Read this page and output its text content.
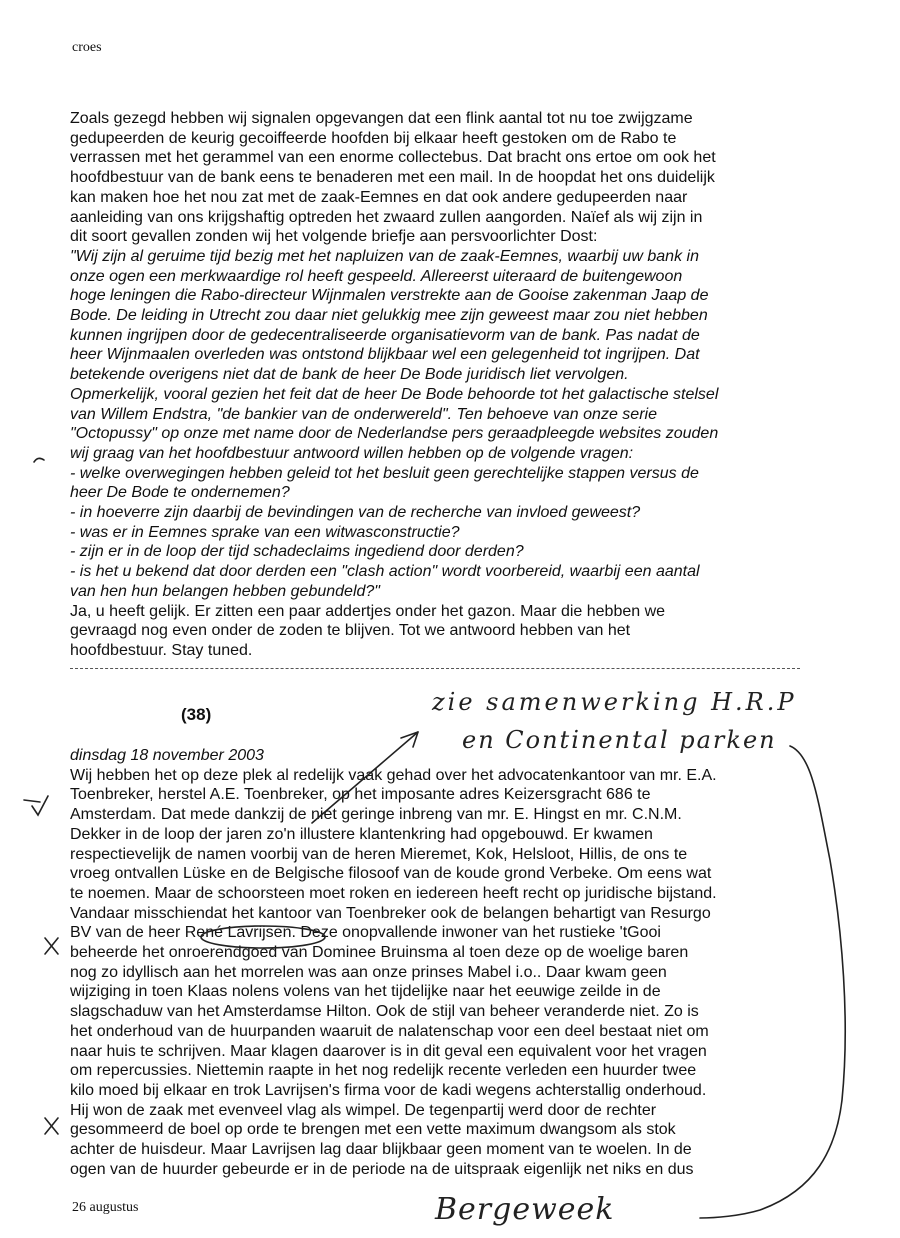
croes
Zoals gezegd hebben wij signalen opgevangen dat een flink aantal tot nu toe zwijgzame
gedupeerden de keurig gecoiffeerde hoofden bij elkaar heeft gestoken om de Rabo te
verrassen met het gerammel van een enorme collectebus. Dat bracht ons ertoe om ook het
hoofdbestuur van de bank eens te benaderen met een mail. In de hoopdat het ons duidelijk
kan maken hoe het nou zat met de zaak-Eemnes en dat ook andere gedupeerden naar
aanleiding van ons krijgshaftig optreden het zwaard zullen aangorden. Naïef als wij zijn in
dit soort gevallen zonden wij het volgende briefje aan persvoorlichter Dost:
"Wij zijn al geruime tijd bezig met het napluizen van de zaak-Eemnes, waarbij uw bank in
onze ogen een merkwaardige rol heeft gespeeld. Allereerst uiteraard de buitengewoon
hoge leningen die Rabo-directeur Wijnmalen verstrekte aan de Gooise zakenman Jaap de
Bode. De leiding in Utrecht zou daar niet gelukkig mee zijn geweest maar zou niet hebben
kunnen ingrijpen door de gedecentraliseerde organisatievorm van de bank. Pas nadat de
heer Wijnmaalen overleden was ontstond blijkbaar wel een gelegenheid tot ingrijpen. Dat
betekende overigens niet dat de bank de heer De Bode juridisch liet vervolgen.
Opmerkelijk, vooral gezien het feit dat de heer De Bode behoorde tot het galactische stelsel
van Willem Endstra, "de bankier van de onderwereld". Ten behoeve van onze serie
"Octopussy" op onze met name door de Nederlandse pers geraadpleegde websites zouden
wij graag van het hoofdbestuur antwoord willen hebben op de volgende vragen:
- welke overwegingen hebben geleid tot het besluit geen gerechtelijke stappen versus de
heer De Bode te ondernemen?
- in hoeverre zijn daarbij de bevindingen van de recherche van invloed geweest?
- was er in Eemnes sprake van een witwasconstructie?
- zijn er in de loop der tijd schadeclaims ingediend door derden?
- is het u bekend dat door derden een "clash action" wordt voorbereid, waarbij een aantal
van hen hun belangen hebben gebundeld?"
Ja, u heeft gelijk. Er zitten een paar addertjes onder het gazon. Maar die hebben we
gevraagd nog even onder de zoden te blijven. Tot we antwoord hebben van het
hoofdbestuur. Stay tuned.
(38)
dinsdag 18 november 2003
Wij hebben het op deze plek al redelijk vaak gehad over het advocatenkantoor van mr. E.A.
Toenbreker, herstel A.E. Toenbreker, op het imposante adres Keizersgracht 686 te
Amsterdam. Dat mede dankzij de niet geringe inbreng van mr. E. Hingst en mr. C.N.M.
Dekker in de loop der jaren zo'n illustere klantenkring had opgebouwd. Er kwamen
respectievelijk de namen voorbij van de heren Mieremet, Kok, Helsloot, Hillis, de ons te
vroeg ontvallen Lüske en de Belgische filosoof van de koude grond Verbeke. Om eens wat
te noemen. Maar de schoorsteen moet roken en iedereen heeft recht op juridische bijstand.
Vandaar misschiendat het kantoor van Toenbreker ook de belangen behartigt van Resurgo
BV van de heer René Lavrijsen. Deze onopvallende inwoner van het rustieke 'tGooi
beheerde het onroerendgoed van Dominee Bruinsma al toen deze op de woelige baren
nog zo idyllisch aan het morrelen was aan onze prinses Mabel i.o.. Daar kwam geen
wijziging in toen Klaas nolens volens van het tijdelijke naar het eeuwige zeilde in de
slagschaduw van het Amsterdamse Hilton. Ook de stijl van beheer veranderde niet. Zo is
het onderhoud van de huurpanden waaruit de nalatenschap voor een deel bestaat niet om
naar huis te schrijven. Maar klagen daarover is in dit geval een equivalent voor het vragen
om repercussies. Niettemin raapte in het nog redelijk recente verleden een huurder twee
kilo moed bij elkaar en trok Lavrijsen's firma voor de kadi wegens achterstallig onderhoud.
Hij won de zaak met evenveel vlag als wimpel. De tegenpartij werd door de rechter
gesommeerd de boel op orde te brengen met een vette maximum dwangsom als stok
achter de huisdeur. Maar Lavrijsen lag daar blijkbaar geen moment van te woelen. In de
ogen van de huurder gebeurde er in de periode na de uitspraak eigenlijk net niks en dus
26 augustus
zie samenwerking H.R.P
en Continental parken
Bergeweek
